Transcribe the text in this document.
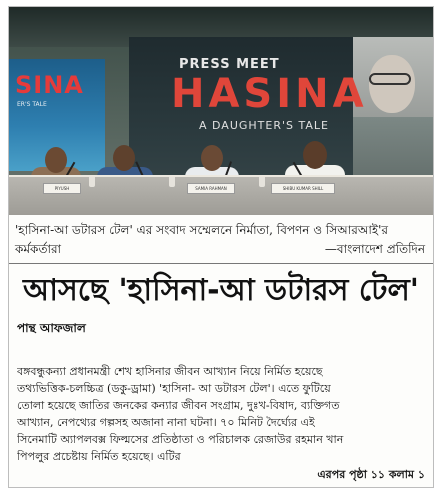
SINA
ER'S TALE
PRESS MEET
HASINA
A DAUGHTER'S TALE
PIYUSH	SAMIA RAHMAN	SHIBU KUMAR SHILL
'হাসিনা-আ ডটারস টেল' এর সংবাদ সম্মেলনে নির্মাতা, বিপণন ও সিআরআই'র কর্মকর্তারা	—বাংলাদেশ প্রতিদিন
আসছে 'হাসিনা-আ ডটারস টেল'
পান্থ আফজাল
বঙ্গবন্ধুকন্যা প্রধানমন্ত্রী শেখ হাসিনার জীবন আখ্যান নিয়ে নির্মিত হয়েছে
তথ্যভিত্তিক-চলচ্চিত্র (ডকু-ড্রামা) 'হাসিনা- আ ডটারস টেল'। এতে ফুটিয়ে
তোলা হয়েছে জাতির জনকের কন্যার জীবন সংগ্রাম, দুঃখ-বিষাদ, ব্যক্তিগত
আখ্যান, নেপথ্যের গল্পসহ অজানা নানা ঘটনা। ৭০ মিনিট দৈর্ঘ্যের এই
সিনেমাটি অ্যাপলবক্স ফিল্মসের প্রতিষ্ঠাতা ও পরিচালক রেজাউর রহমান খান
পিপলুর প্রচেষ্টায় নির্মিত হয়েছে। এটির
এরপর পৃষ্ঠা ১১ কলাম ১
